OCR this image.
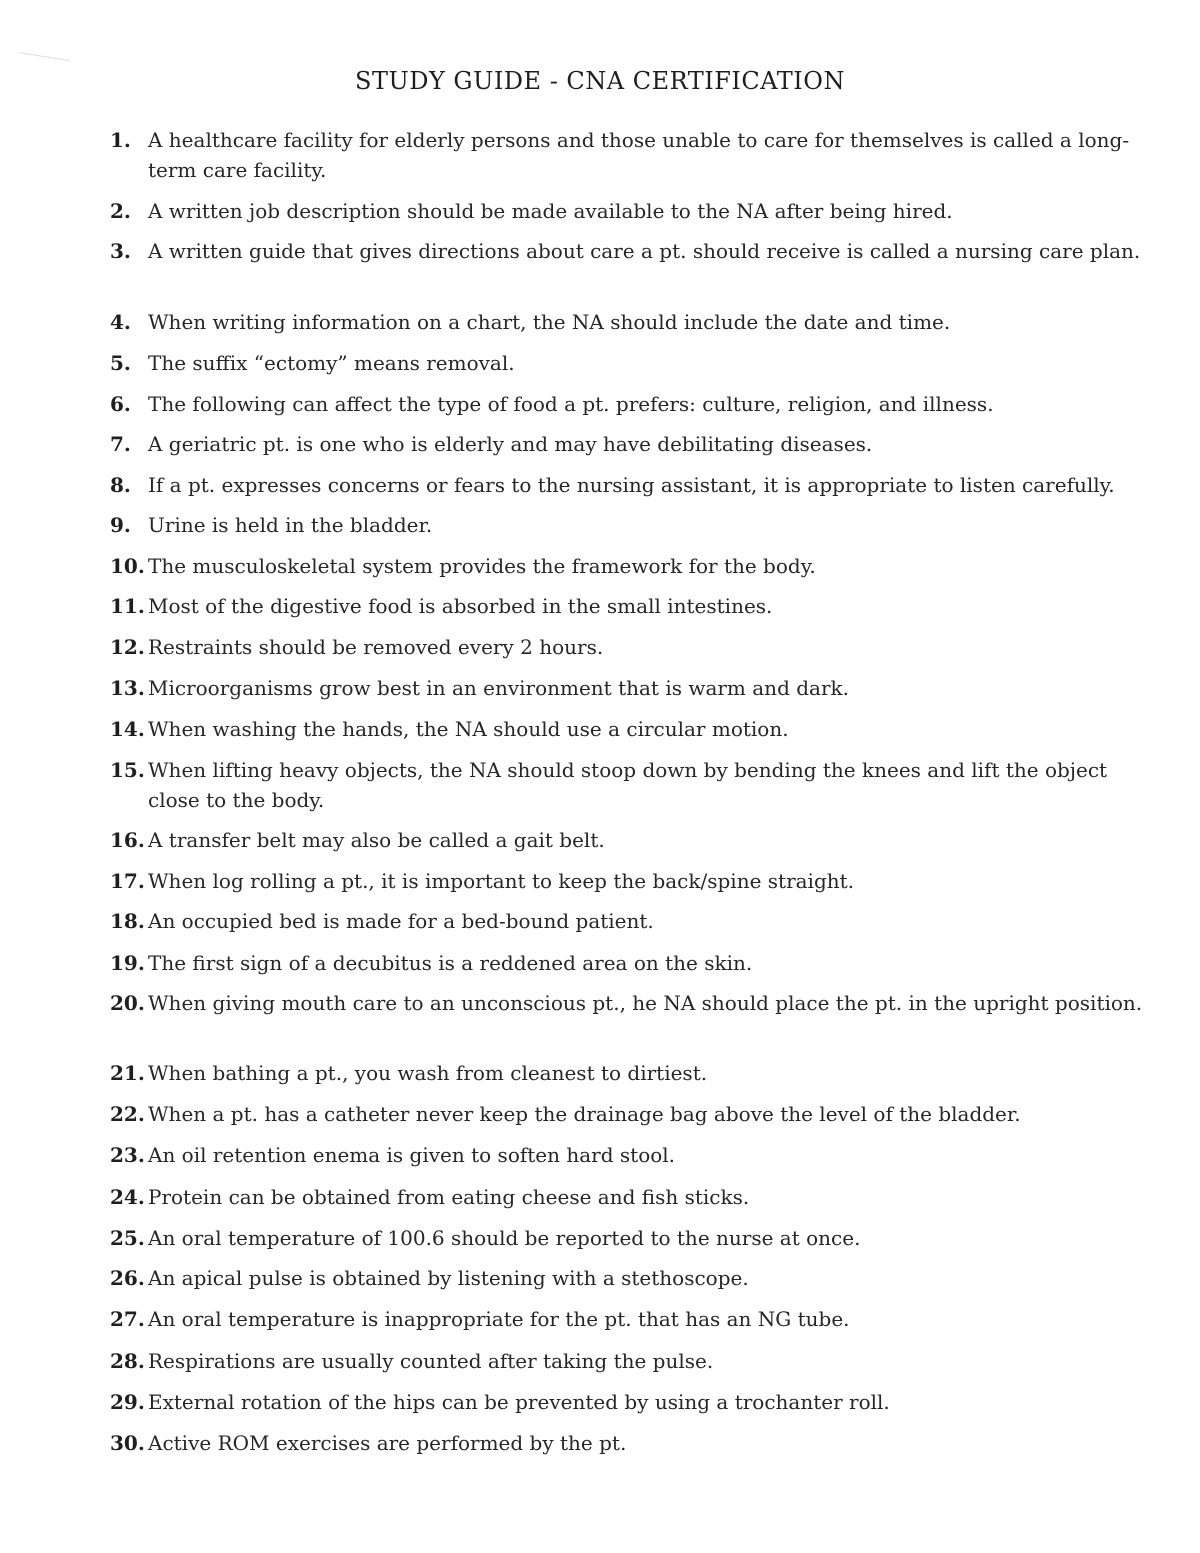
STUDY GUIDE - CNA CERTIFICATION
1. A healthcare facility for elderly persons and those unable to care for themselves is called a long-term care facility.
2. A written job description should be made available to the NA after being hired.
3. A written guide that gives directions about care a pt. should receive is called a nursing care plan.
4. When writing information on a chart, the NA should include the date and time.
5. The suffix “ectomy” means removal.
6. The following can affect the type of food a pt. prefers: culture, religion, and illness.
7. A geriatric pt. is one who is elderly and may have debilitating diseases.
8. If a pt. expresses concerns or fears to the nursing assistant, it is appropriate to listen carefully.
9. Urine is held in the bladder.
10. The musculoskeletal system provides the framework for the body.
11. Most of the digestive food is absorbed in the small intestines.
12. Restraints should be removed every 2 hours.
13. Microorganisms grow best in an environment that is warm and dark.
14. When washing the hands, the NA should use a circular motion.
15. When lifting heavy objects, the NA should stoop down by bending the knees and lift the object close to the body.
16. A transfer belt may also be called a gait belt.
17. When log rolling a pt., it is important to keep the back/spine straight.
18. An occupied bed is made for a bed-bound patient.
19. The first sign of a decubitus is a reddened area on the skin.
20. When giving mouth care to an unconscious pt., he NA should place the pt. in the upright position.
21. When bathing a pt., you wash from cleanest to dirtiest.
22. When a pt. has a catheter never keep the drainage bag above the level of the bladder.
23. An oil retention enema is given to soften hard stool.
24. Protein can be obtained from eating cheese and fish sticks.
25. An oral temperature of 100.6 should be reported to the nurse at once.
26. An apical pulse is obtained by listening with a stethoscope.
27. An oral temperature is inappropriate for the pt. that has an NG tube.
28. Respirations are usually counted after taking the pulse.
29. External rotation of the hips can be prevented by using a trochanter roll.
30. Active ROM exercises are performed by the pt.
